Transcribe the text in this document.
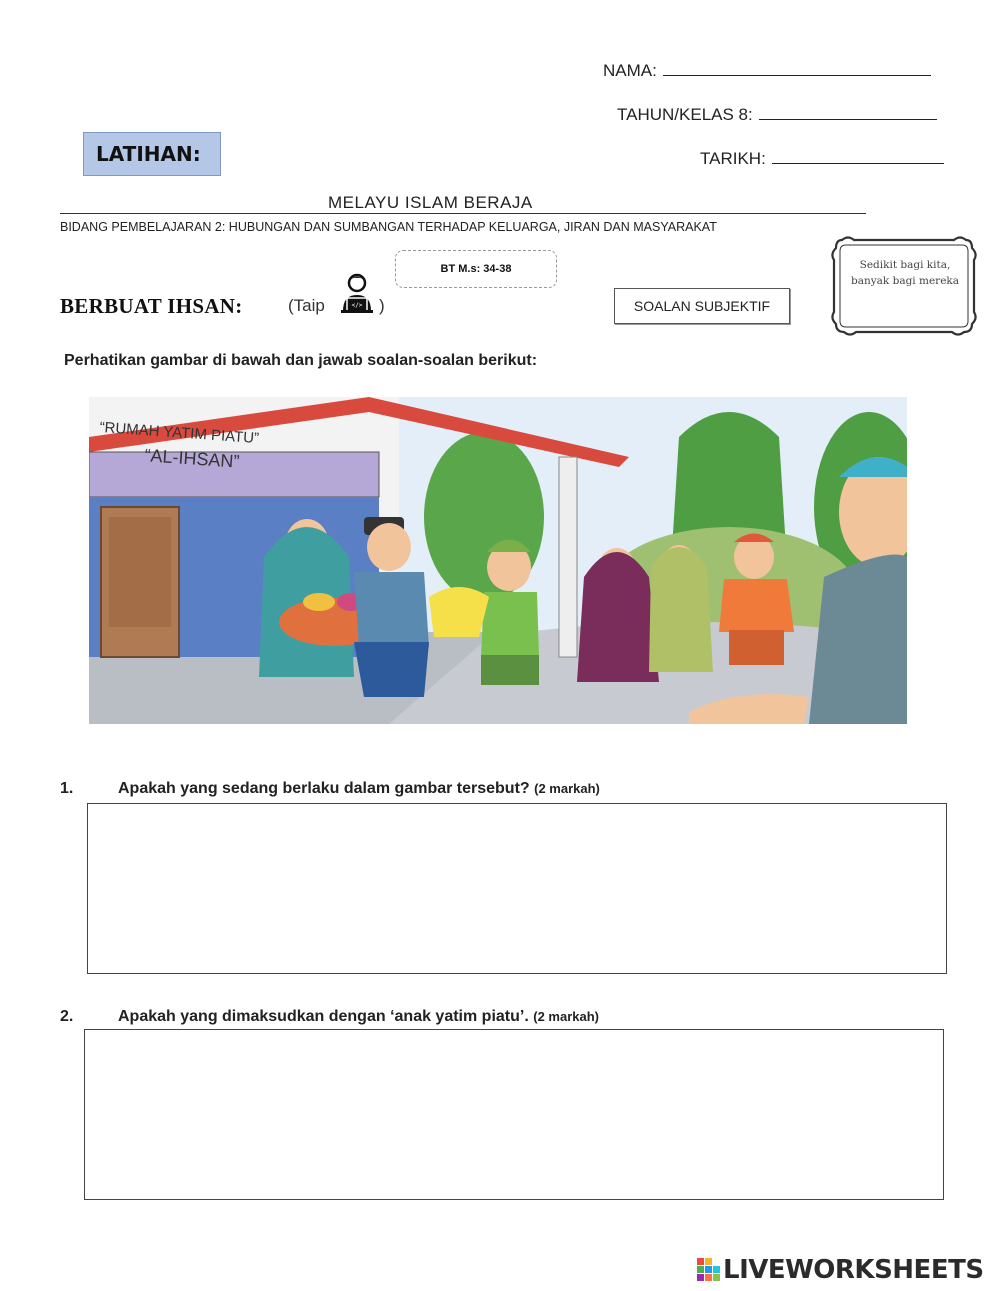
NAMA:
TAHUN/KELAS 8:
TARIKH:
LATIHAN:
MELAYU ISLAM BERAJA
BIDANG PEMBELAJARAN 2: HUBUNGAN DAN SUMBANGAN TERHADAP KELUARGA, JIRAN DAN MASYARAKAT
BT M.s: 34-38
BERBUAT IHSAN:	(Taip	</> )	SOALAN SUBJEKTIF
Sedikit bagi kita, banyak bagi mereka
Perhatikan gambar di bawah dan jawab soalan-soalan berikut:
“RUMAH YATIM PIATU”
“AL-IHSAN”
1.	Apakah yang sedang berlaku dalam gambar tersebut? (2 markah)
2.	Apakah yang dimaksudkan dengan ‘anak yatim piatu’. (2 markah)
LIVEWORKSHEETS
